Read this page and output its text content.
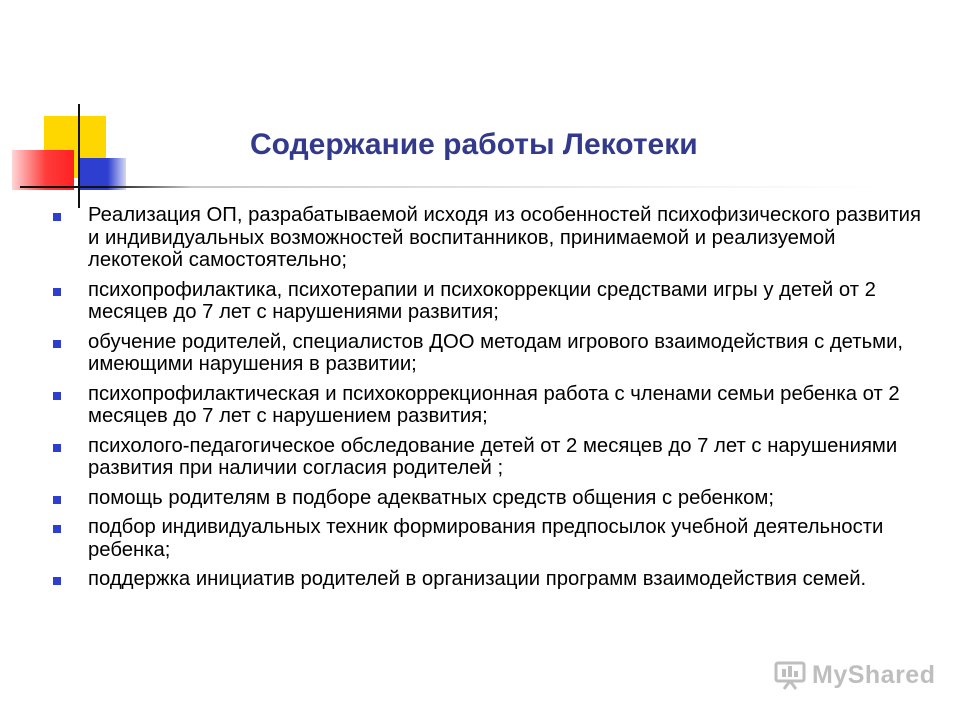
Содержание работы Лекотеки
Реализация ОП, разрабатываемой исходя из особенностей психофизического развития и индивидуальных возможностей воспитанников, принимаемой и реализуемой лекотекой самостоятельно;
психопрофилактика, психотерапии и психокоррекции средствами игры у детей от 2 месяцев до 7 лет с нарушениями развития;
обучение родителей, специалистов ДОО методам игрового взаимодействия с детьми, имеющими нарушения в развитии;
психопрофилактическая и психокоррекционная работа с членами семьи ребенка от 2 месяцев до 7 лет с нарушением развития;
психолого-педагогическое обследование детей от 2 месяцев до 7 лет с нарушениями развития при наличии согласия родителей ;
помощь родителям в подборе адекватных средств общения с ребенком;
подбор индивидуальных техник формирования предпосылок учебной деятельности ребенка;
поддержка инициатив родителей в организации программ взаимодействия семей.
MyShared
